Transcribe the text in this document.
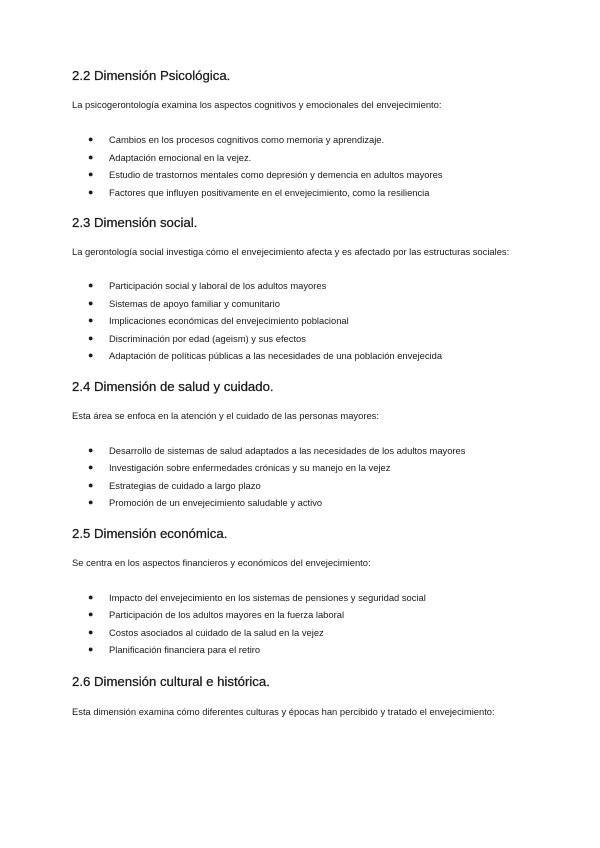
2.2 Dimensión Psicológica.

La psicogerontología examina los aspectos cognitivos y emocionales del envejecimiento:

● Cambios en los procesos cognitivos como memoria y aprendizaje.
● Adaptación emocional en la vejez.
● Estudio de trastornos mentales como depresión y demencia en adultos mayores
● Factores que influyen positivamente en el envejecimiento, como la resiliencia
2.3 Dimensión social.

La gerontología social investiga cómo el envejecimiento afecta y es afectado por las estructuras sociales:

● Participación social y laboral de los adultos mayores
● Sistemas de apoyo familiar y comunitario
● Implicaciones económicas del envejecimiento poblacional
● Discriminación por edad (ageism) y sus efectos
● Adaptación de políticas públicas a las necesidades de una población envejecida
2.4 Dimensión de salud y cuidado.

Esta área se enfoca en la atención y el cuidado de las personas mayores:

● Desarrollo de sistemas de salud adaptados a las necesidades de los adultos mayores
● Investigación sobre enfermedades crónicas y su manejo en la vejez
● Estrategias de cuidado a largo plazo
● Promoción de un envejecimiento saludable y activo
2.5 Dimensión económica.

Se centra en los aspectos financieros y económicos del envejecimiento:

● Impacto del envejecimiento en los sistemas de pensiones y seguridad social
● Participación de los adultos mayores en la fuerza laboral
● Costos asociados al cuidado de la salud en la vejez
● Planificación financiera para el retiro
2.6 Dimensión cultural e histórica.

Esta dimensión examina cómo diferentes culturas y épocas han percibido y tratado el envejecimiento:
